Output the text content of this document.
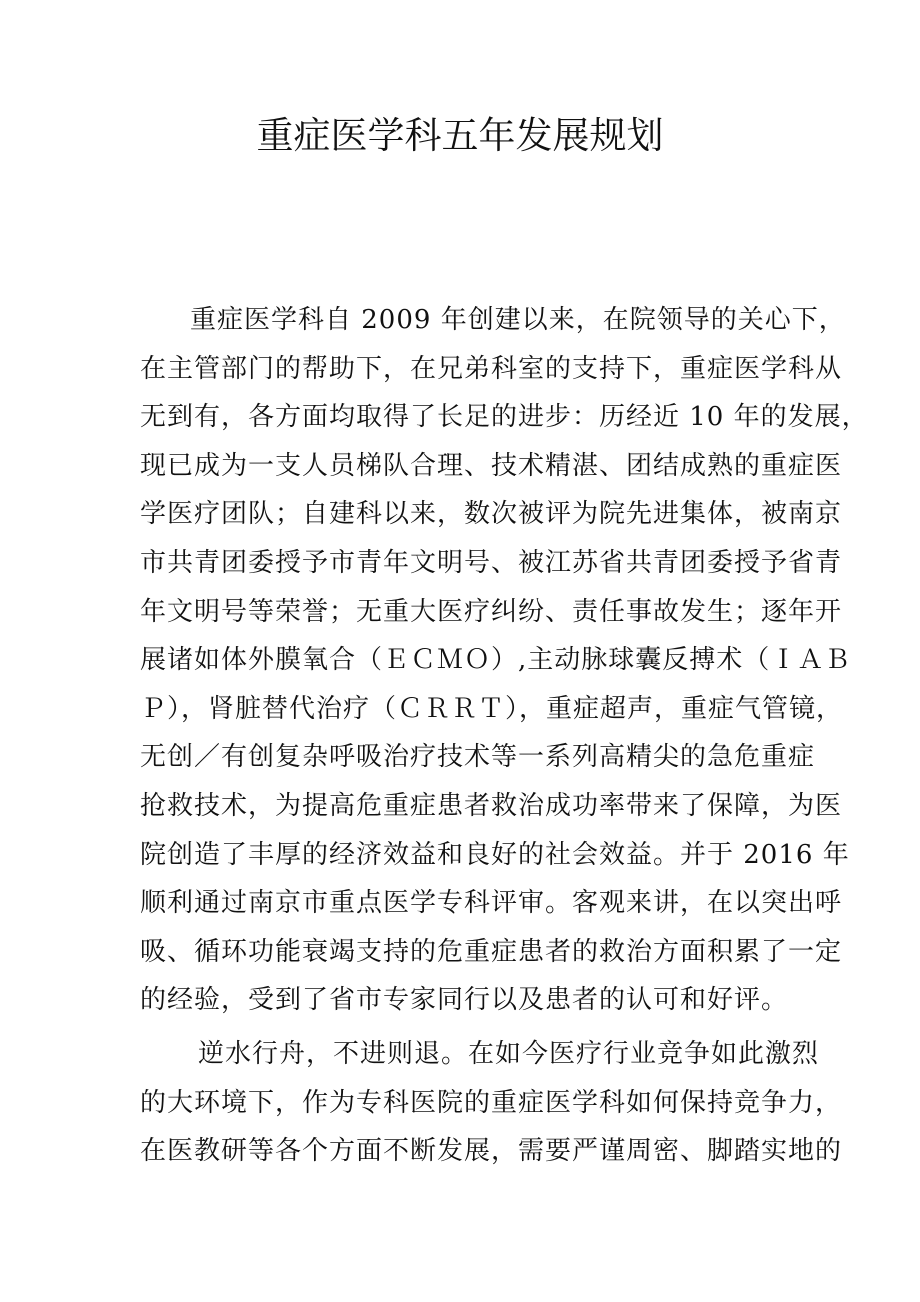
重症医学科五年发展规划
重症医学科自 2009 年创建以来，在院领导的关心下，
在主管部门的帮助下，在兄弟科室的支持下，重症医学科从
无到有，各方面均取得了长足的进步：历经近 10 年的发展，
现已成为一支人员梯队合理、技术精湛、团结成熟的重症医
学医疗团队；自建科以来，数次被评为院先进集体，被南京
市共青团委授予市青年文明号、被江苏省共青团委授予省青
年文明号等荣誉；无重大医疗纠纷、责任事故发生；逐年开
展诸如体外膜氧合（ＥＣＭＯ）,主动脉球囊反搏术（ＩＡＢ
Ｐ），肾脏替代治疗（ＣＲＲＴ），重症超声，重症气管镜，
无创／有创复杂呼吸治疗技术等一系列高精尖的急危重症
抢救技术，为提高危重症患者救治成功率带来了保障，为医
院创造了丰厚的经济效益和良好的社会效益。并于 2016 年
顺利通过南京市重点医学专科评审。客观来讲，在以突出呼
吸、循环功能衰竭支持的危重症患者的救治方面积累了一定
的经验，受到了省市专家同行以及患者的认可和好评。
逆水行舟，不进则退。在如今医疗行业竞争如此激烈
的大环境下，作为专科医院的重症医学科如何保持竞争力，
在医教研等各个方面不断发展，需要严谨周密、脚踏实地的
